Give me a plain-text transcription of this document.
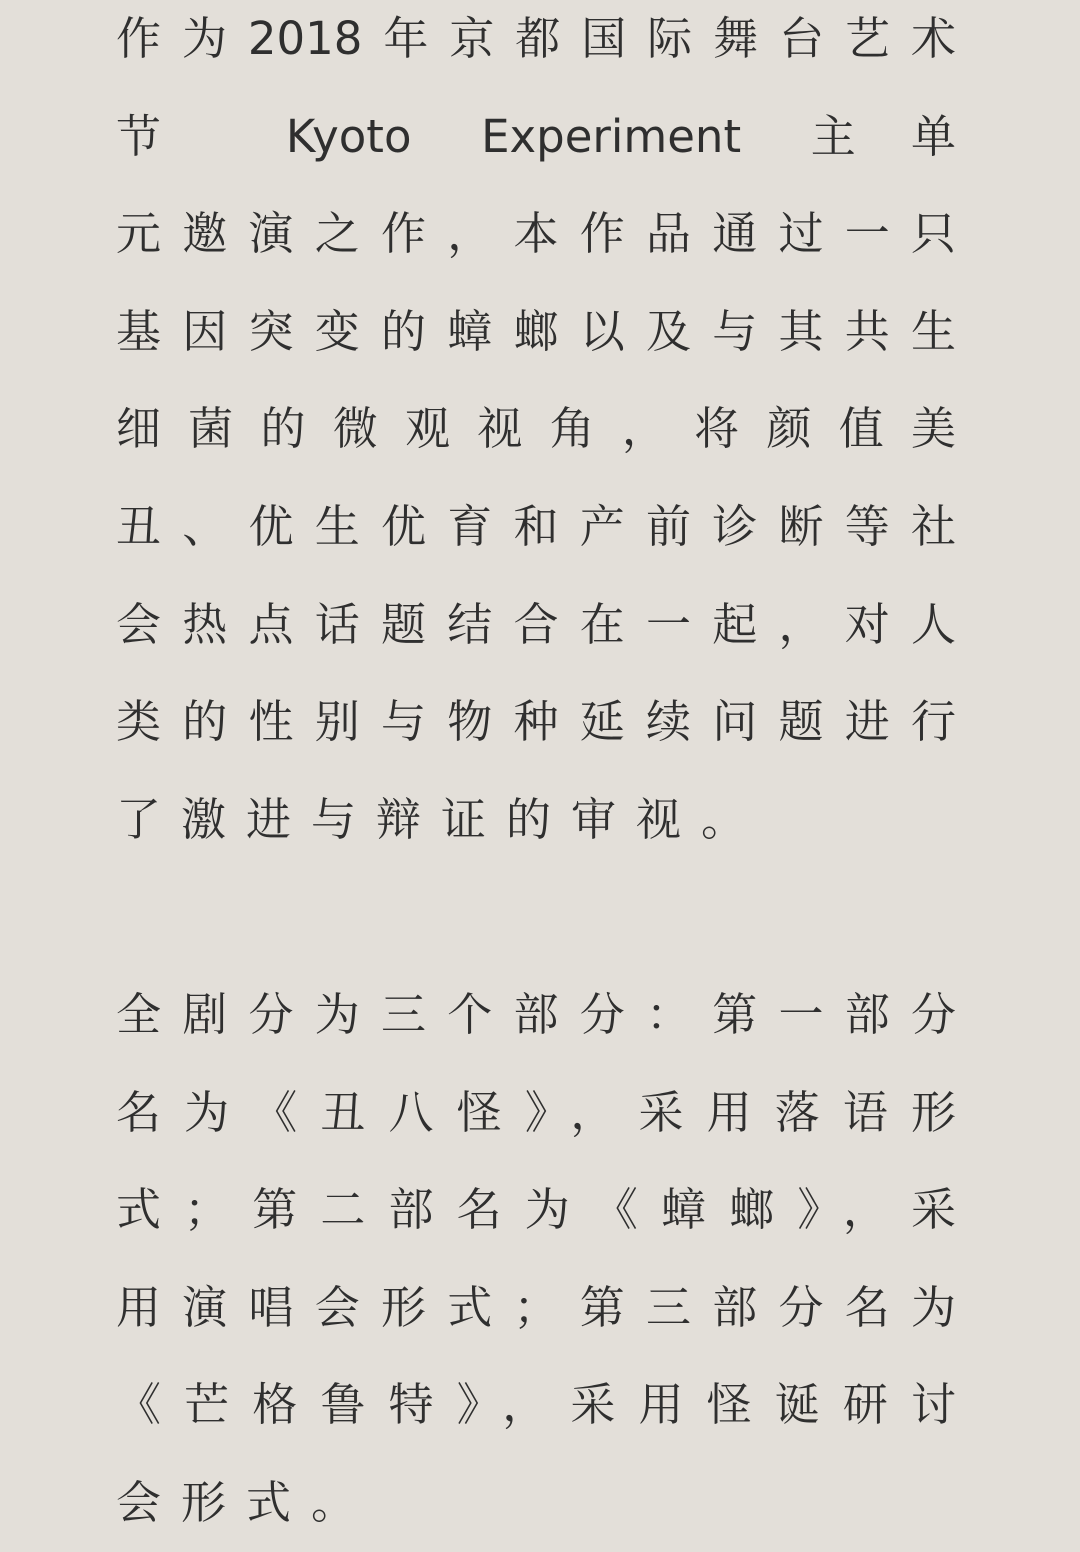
作为2018年京都国际舞台艺术
节 Kyoto Experiment 主单
元邀演之作，本作品通过一只
基因突变的蟑螂以及与其共生
细菌的微观视角，将颜值美
丑、优生优育和产前诊断等社
会热点话题结合在一起，对人
类的性别与物种延续问题进行
了激进与辩证的审视。
全剧分为三个部分：第一部分
名为《丑八怪》，采用落语形
式；第二部名为《蟑螂》，采
用演唱会形式；第三部分名为
《芒格鲁特》，采用怪诞研讨
会形式。
